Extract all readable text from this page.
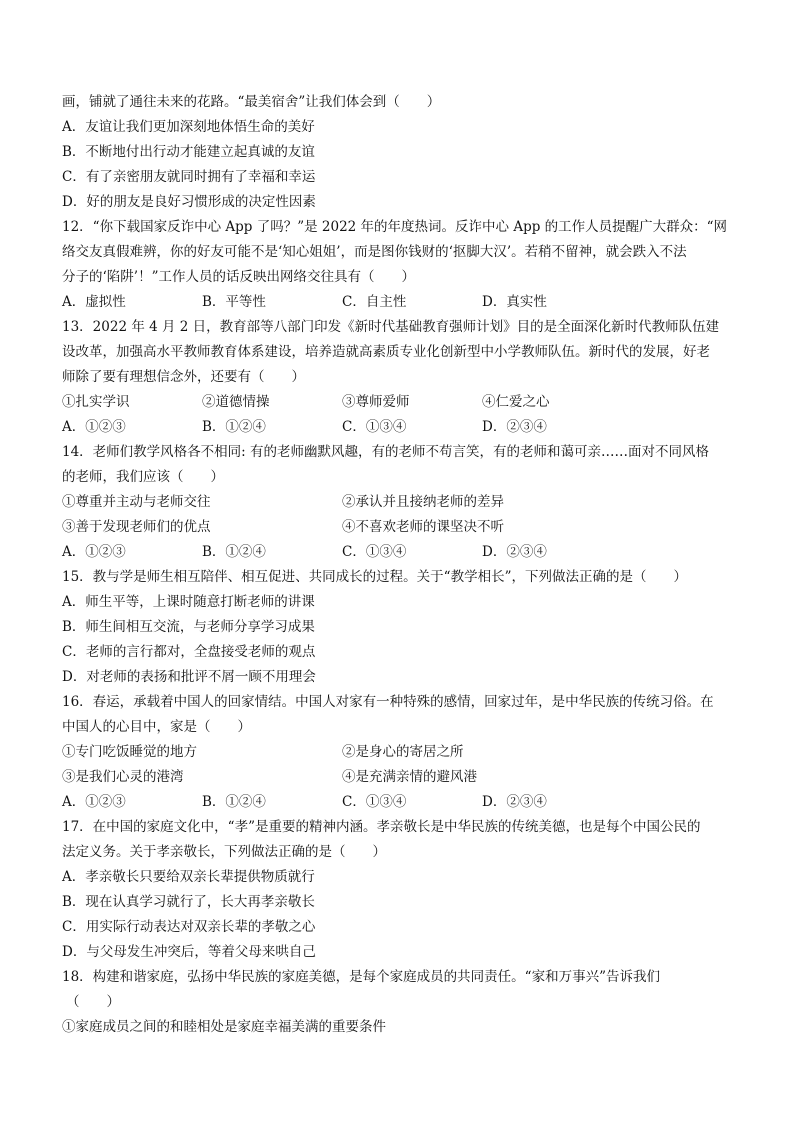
画，铺就了通往未来的花路。“最美宿舍”让我们体会到（　　）
A．友谊让我们更加深刻地体悟生命的美好
B．不断地付出行动才能建立起真诚的友谊
C．有了亲密朋友就同时拥有了幸福和幸运
D．好的朋友是良好习惯形成的决定性因素
12．“你下载国家反诈中心 App 了吗？”是 2022 年的年度热词。反诈中心 App 的工作人员提醒广大群众：“网
络交友真假难辨，你的好友可能不是‘知心姐姐’，而是图你钱财的‘抠脚大汉’。若稍不留神，就会跌入不法
分子的‘陷阱’！”工作人员的话反映出网络交往具有（　　）
A．虚拟性	B．平等性	C．自主性	D．真实性
13．2022 年 4 月 2 日，教育部等八部门印发《新时代基础教育强师计划》目的是全面深化新时代教师队伍建
设改革，加强高水平教师教育体系建设，培养造就高素质专业化创新型中小学教师队伍。新时代的发展，好老
师除了要有理想信念外，还要有（　　）
①扎实学识	②道德情操	③尊师爱师	④仁爱之心
A．①②③	B．①②④	C．①③④	D．②③④
14．老师们教学风格各不相同: 有的老师幽默风趣，有的老师不苟言笑，有的老师和蔼可亲……面对不同风格
的老师，我们应该（　　）
①尊重并主动与老师交往	②承认并且接纳老师的差异
③善于发现老师们的优点	④不喜欢老师的课坚决不听
A．①②③	B．①②④	C．①③④	D．②③④
15．教与学是师生相互陪伴、相互促进、共同成长的过程。关于“教学相长”，下列做法正确的是（　　）
A．师生平等，上课时随意打断老师的讲课
B．师生间相互交流，与老师分享学习成果
C．老师的言行都对，全盘接受老师的观点
D．对老师的表扬和批评不屑一顾不用理会
16．春运，承载着中国人的回家情结。中国人对家有一种特殊的感情，回家过年，是中华民族的传统习俗。在
中国人的心目中，家是（　　）
①专门吃饭睡觉的地方	②是身心的寄居之所
③是我们心灵的港湾	④是充满亲情的避风港
A．①②③	B．①②④	C．①③④	D．②③④
17．在中国的家庭文化中，“孝”是重要的精神内涵。孝亲敬长是中华民族的传统美德，也是每个中国公民的
法定义务。关于孝亲敬长，下列做法正确的是（　　）
A．孝亲敬长只要给双亲长辈提供物质就行
B．现在认真学习就行了，长大再孝亲敬长
C．用实际行动表达对双亲长辈的孝敬之心
D．与父母发生冲突后，等着父母来哄自己
18．构建和谐家庭，弘扬中华民族的家庭美德，是每个家庭成员的共同责任。“家和万事兴”告诉我们
（　　）
①家庭成员之间的和睦相处是家庭幸福美满的重要条件
